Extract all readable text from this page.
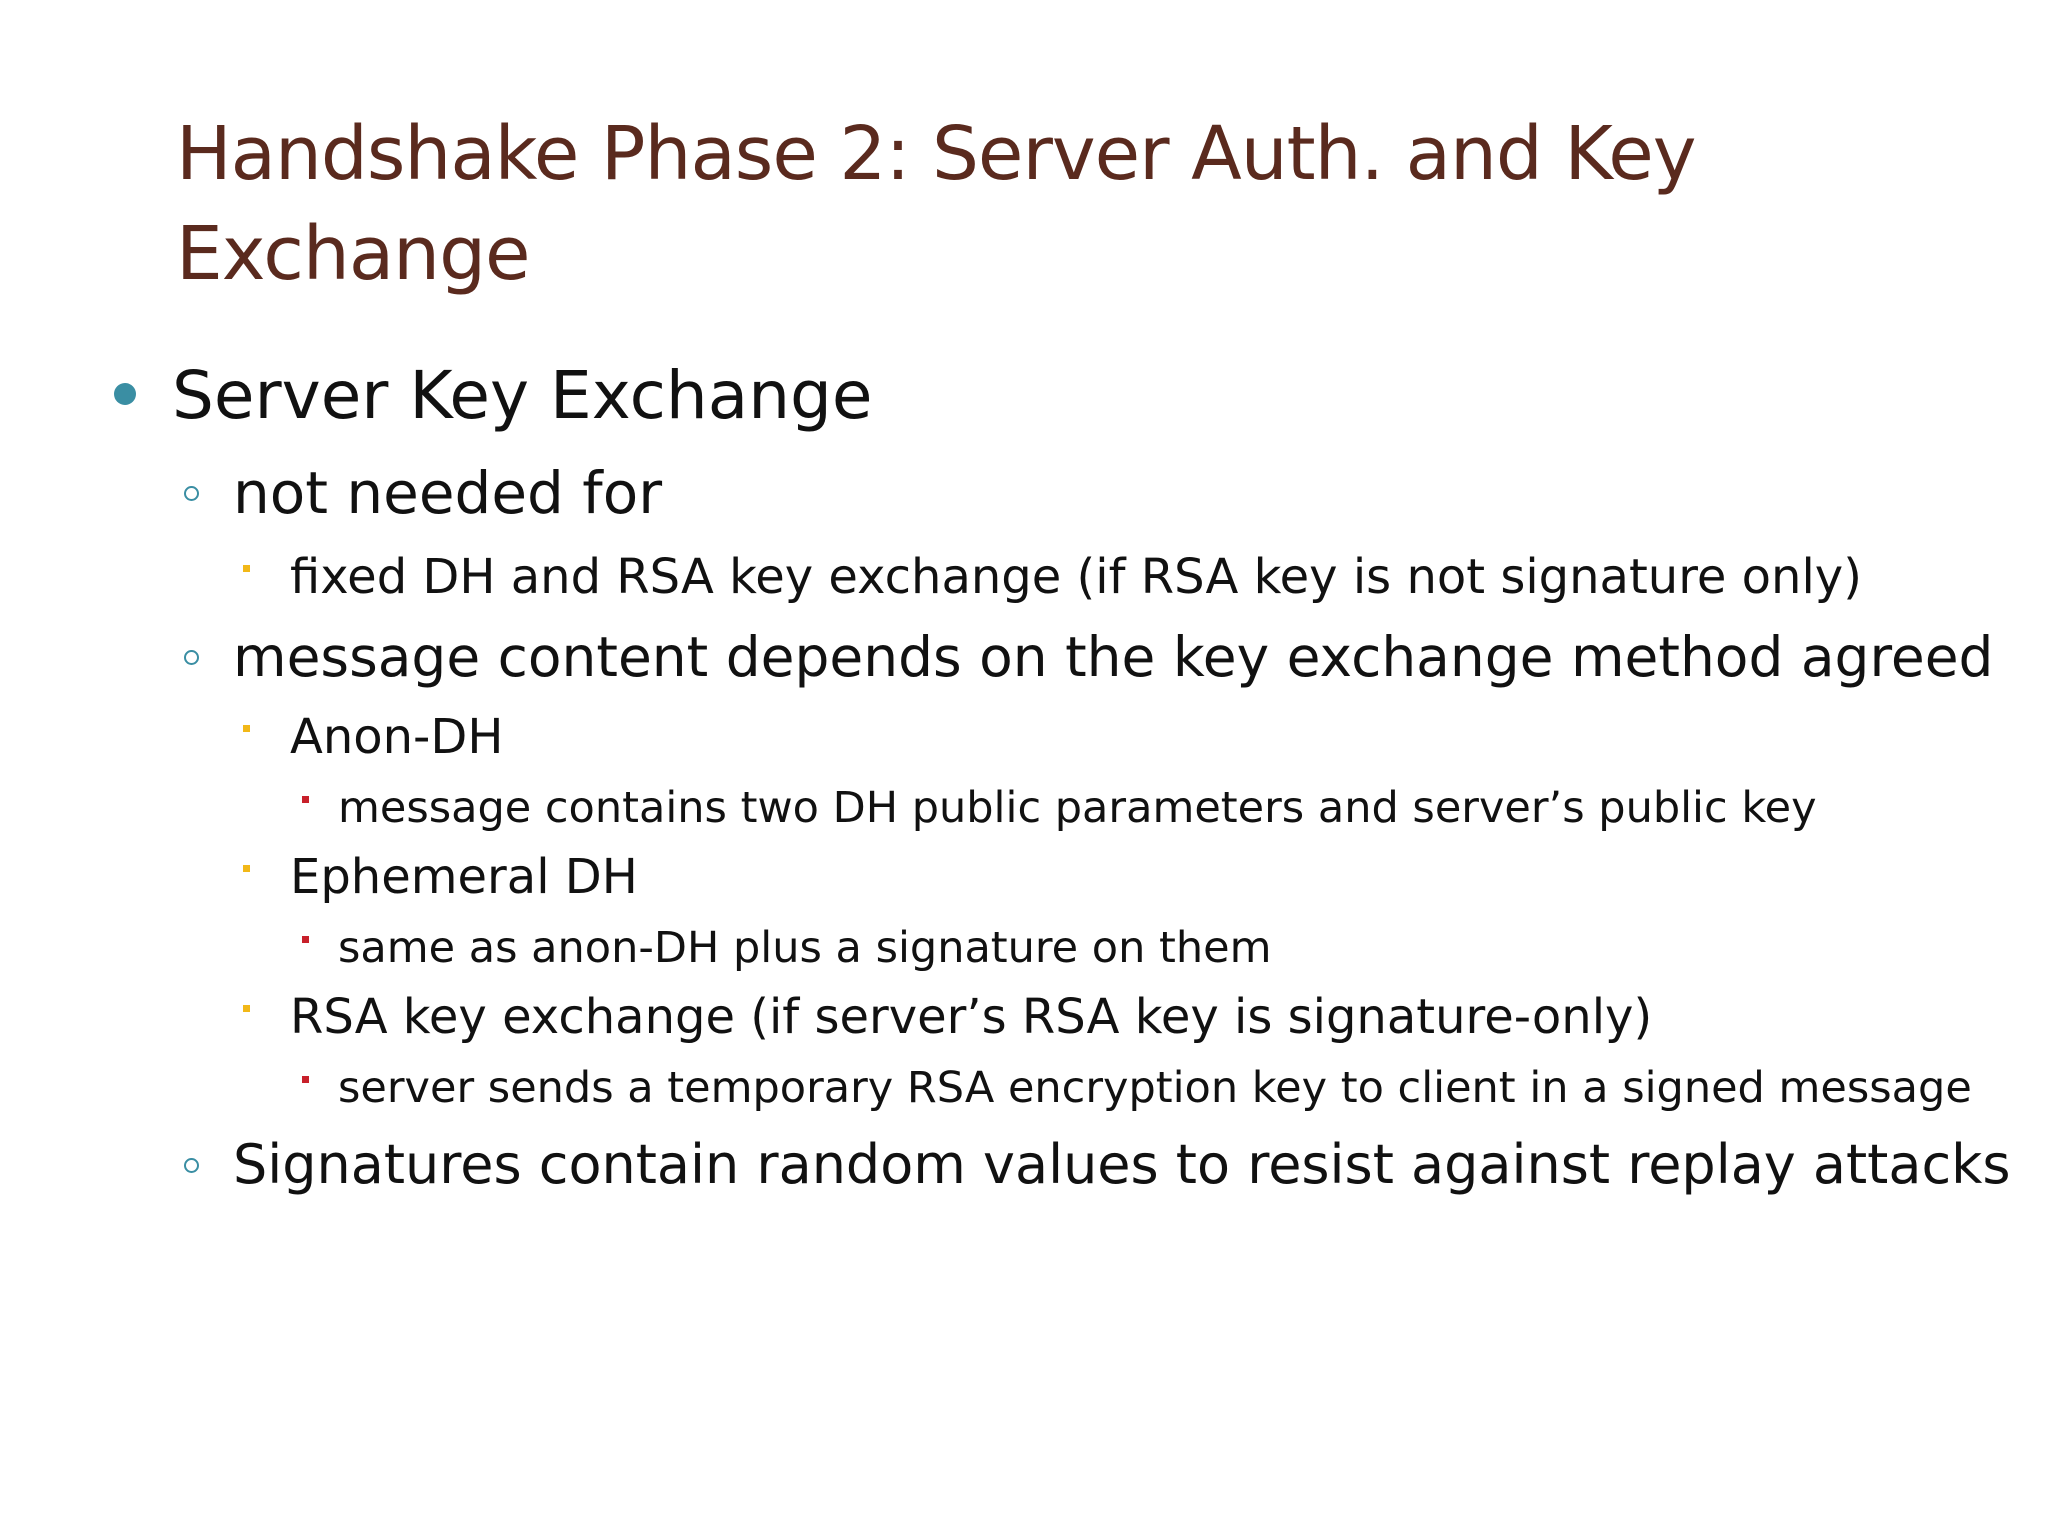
Handshake Phase 2: Server Auth. and Key
Exchange
Server Key Exchange
not needed for
fixed DH and RSA key exchange (if RSA key is not signature only)
message content depends on the key exchange method agreed
Anon-DH
message contains two DH public parameters and server’s public key
Ephemeral DH
same as anon-DH plus a signature on them
RSA key exchange (if server’s RSA key is signature-only)
server sends a temporary RSA encryption key to client in a signed message
Signatures contain random values to resist against replay attacks
